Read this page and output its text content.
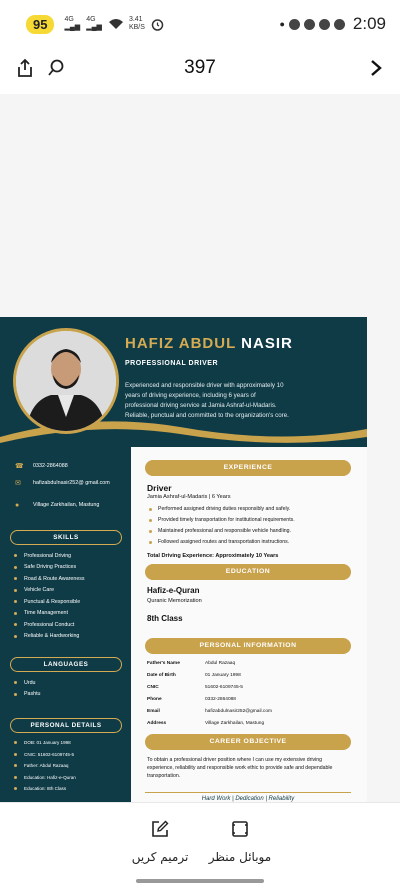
95	4G
▂▄▆
4G
▂▄▆
3.41
KB/S	●	2:09
397
HAFIZ ABDUL NASIR
PROFESSIONAL DRIVER
Experienced and responsible driver with approximately 10 years of driving experience, including 6 years of professional driving service at Jamia Ashraf-ul-Madaris. Reliable, punctual and committed to the organization's core.
☎ 0332-2864088
✉	hafizabdulnasir252@ gmail.com
●	Village Zarkhailan, Mastung
SKILLS
Professional Driving
Safe Driving Practices
Road & Route Awareness
Vehicle Care
Punctual & Responsible
Time Management
Professional Conduct
Reliable & Hardworking
LANGUAGES
Urdu
Pashtu
PERSONAL DETAILS
DOB: 01 January 1998
CNIC: 51602-6109745-5
Father: Abdul Razaaq
Education: Hafiz-e-Quran
Education: 8th Class
EXPERIENCE
Driver
Jamia Ashraf-ul-Madaris | 6 Years
Performed assigned driving duties responsibly and safely.
Provided timely transportation for institutional requirements.
Maintained professional and responsible vehicle handling.
Followed assigned routes and transportation instructions.
Total Driving Experience: Approximately 10 Years
EDUCATION
Hafiz-e-Quran
Quranic Memorization
8th Class
PERSONAL INFORMATION
Father's Name	Abdul Razaaq
Date of Birth	01 January 1998
CNIC	51602-6109745-5
Phone	0332-2864088
Email	hafizabdulnasir252@gmail.com
Address	Village Zarkhailan, Mastung
CAREER OBJECTIVE
To obtain a professional driver position where I can use my extensive driving experience, reliability and responsible work ethic to provide safe and dependable transportation.
Hard Work | Dedication | Reliability
ترمیم کریں	موبائل منظر
